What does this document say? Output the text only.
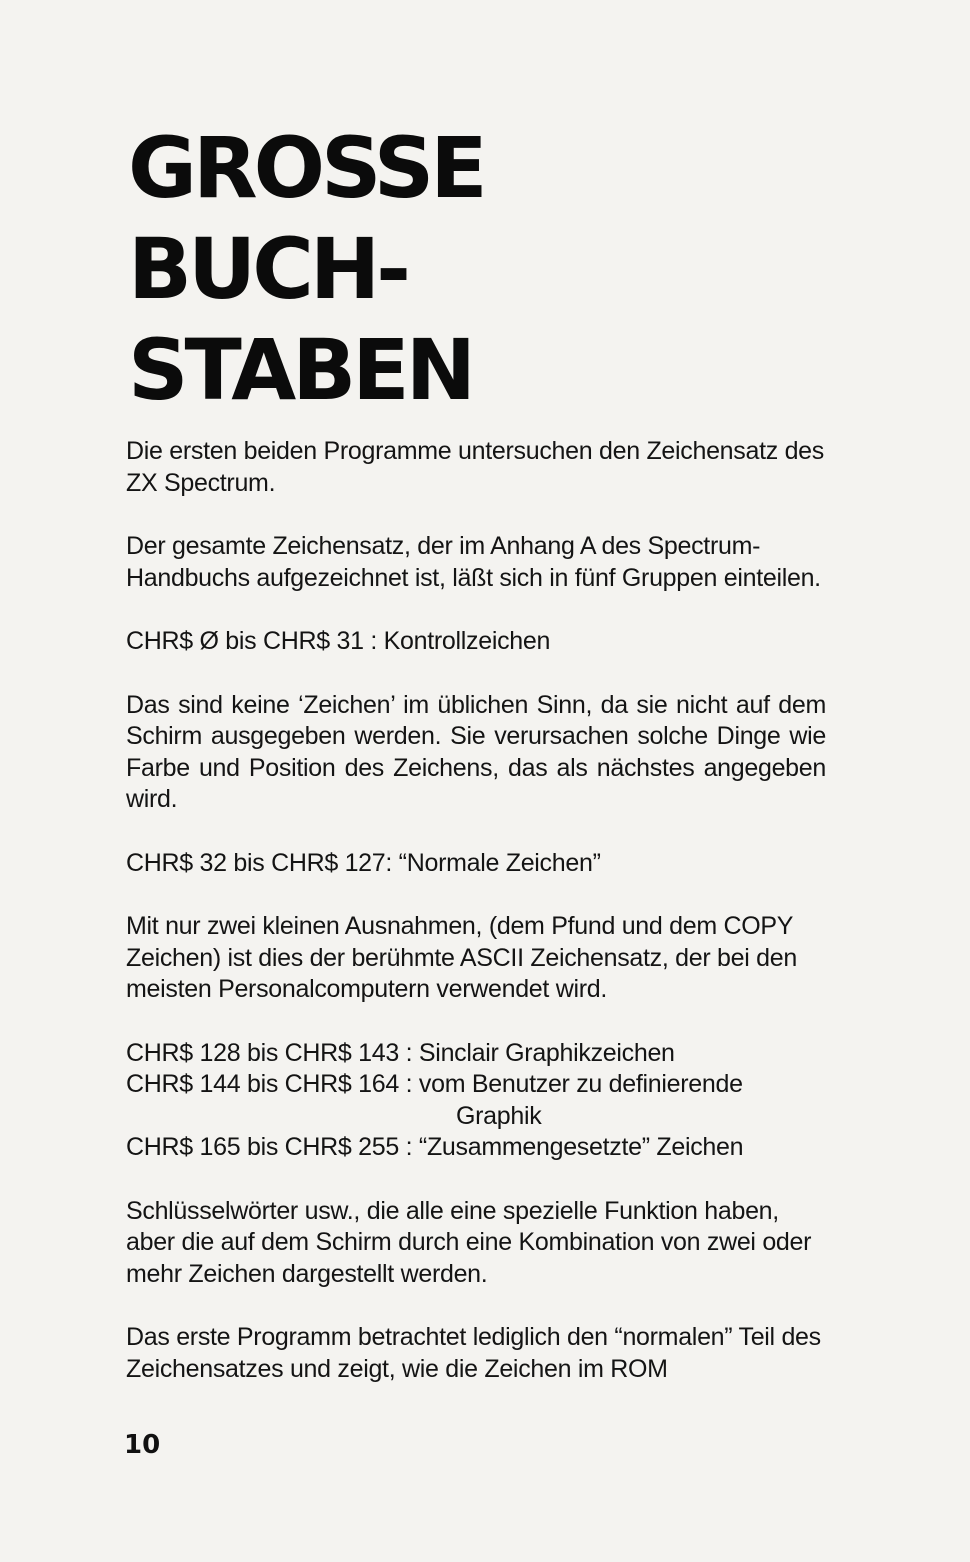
GROSSE
BUCH-
STABEN

Die ersten beiden Programme untersuchen den Zeichensatz des ZX Spectrum.

Der gesamte Zeichensatz, der im Anhang A des Spectrum-Handbuchs aufgezeichnet ist, läßt sich in fünf Gruppen einteilen.

CHR$ Ø bis CHR$ 31 : Kontrollzeichen

Das sind keine ‘Zeichen’ im üblichen Sinn, da sie nicht auf dem Schirm ausgegeben werden. Sie verursachen solche Dinge wie Farbe und Position des Zeichens, das als nächstes angegeben wird.

CHR$ 32 bis CHR$ 127: “Normale Zeichen”

Mit nur zwei kleinen Ausnahmen, (dem Pfund und dem COPY Zeichen) ist dies der berühmte ASCII Zeichensatz, der bei den meisten Personalcomputern verwendet wird.

CHR$ 128 bis CHR$ 143 : Sinclair Graphikzeichen
CHR$ 144 bis CHR$ 164 : vom Benutzer zu definierende
Graphik
CHR$ 165 bis CHR$ 255 : “Zusammengesetzte” Zeichen

Schlüsselwörter usw., die alle eine spezielle Funktion haben, aber die auf dem Schirm durch eine Kombination von zwei oder mehr Zeichen dargestellt werden.

Das erste Programm betrachtet lediglich den “normalen” Teil des Zeichensatzes und zeigt, wie die Zeichen im ROM

10
